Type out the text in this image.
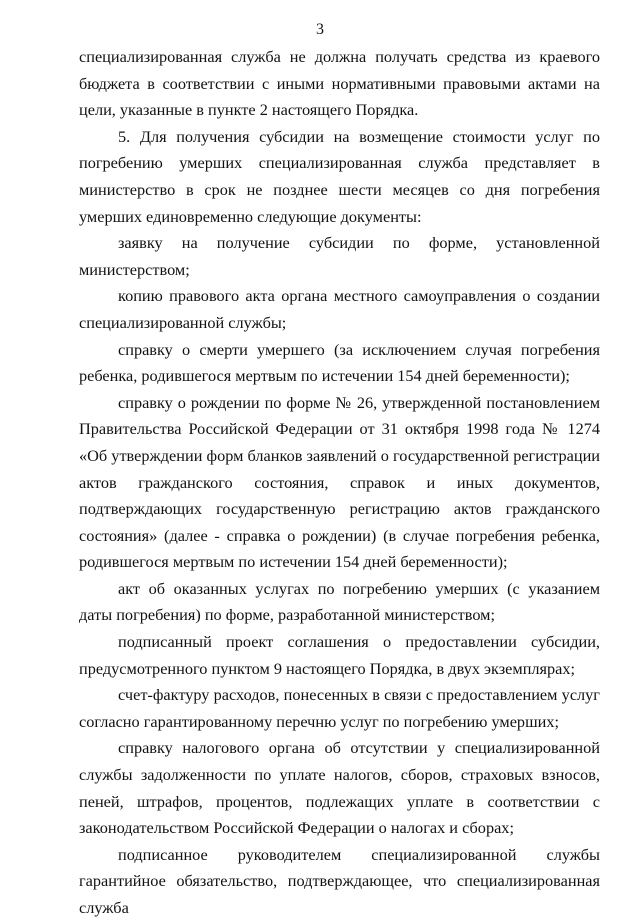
3

специализированная служба не должна получать средства из краевого бюджета в соответствии с иными нормативными правовыми актами на цели, указанные в пункте 2 настоящего Порядка.

5. Для получения субсидии на возмещение стоимости услуг по погребению умерших специализированная служба представляет в министерство в срок не позднее шести месяцев со дня погребения умерших единовременно следующие документы:

заявку на получение субсидии по форме, установленной министерством;

копию правового акта органа местного самоуправления о создании специализированной службы;

справку о смерти умершего (за исключением случая погребения ребенка, родившегося мертвым по истечении 154 дней беременности);

справку о рождении по форме № 26, утвержденной постановлением Правительства Российской Федерации от 31 октября 1998 года № 1274 «Об утверждении форм бланков заявлений о государственной регистрации актов гражданского состояния, справок и иных документов, подтверждающих государственную регистрацию актов гражданского состояния» (далее - справка о рождении) (в случае погребения ребенка, родившегося мертвым по истечении 154 дней беременности);

акт об оказанных услугах по погребению умерших (с указанием даты погребения) по форме, разработанной министерством;

подписанный проект соглашения о предоставлении субсидии, предусмотренного пунктом 9 настоящего Порядка, в двух экземплярах;

счет-фактуру расходов, понесенных в связи с предоставлением услуг согласно гарантированному перечню услуг по погребению умерших;

справку налогового органа об отсутствии у специализированной службы задолженности по уплате налогов, сборов, страховых взносов, пеней, штрафов, процентов, подлежащих уплате в соответствии с законодательством Российской Федерации о налогах и сборах;

подписанное руководителем специализированной службы гарантийное обязательство, подтверждающее, что специализированная служба
